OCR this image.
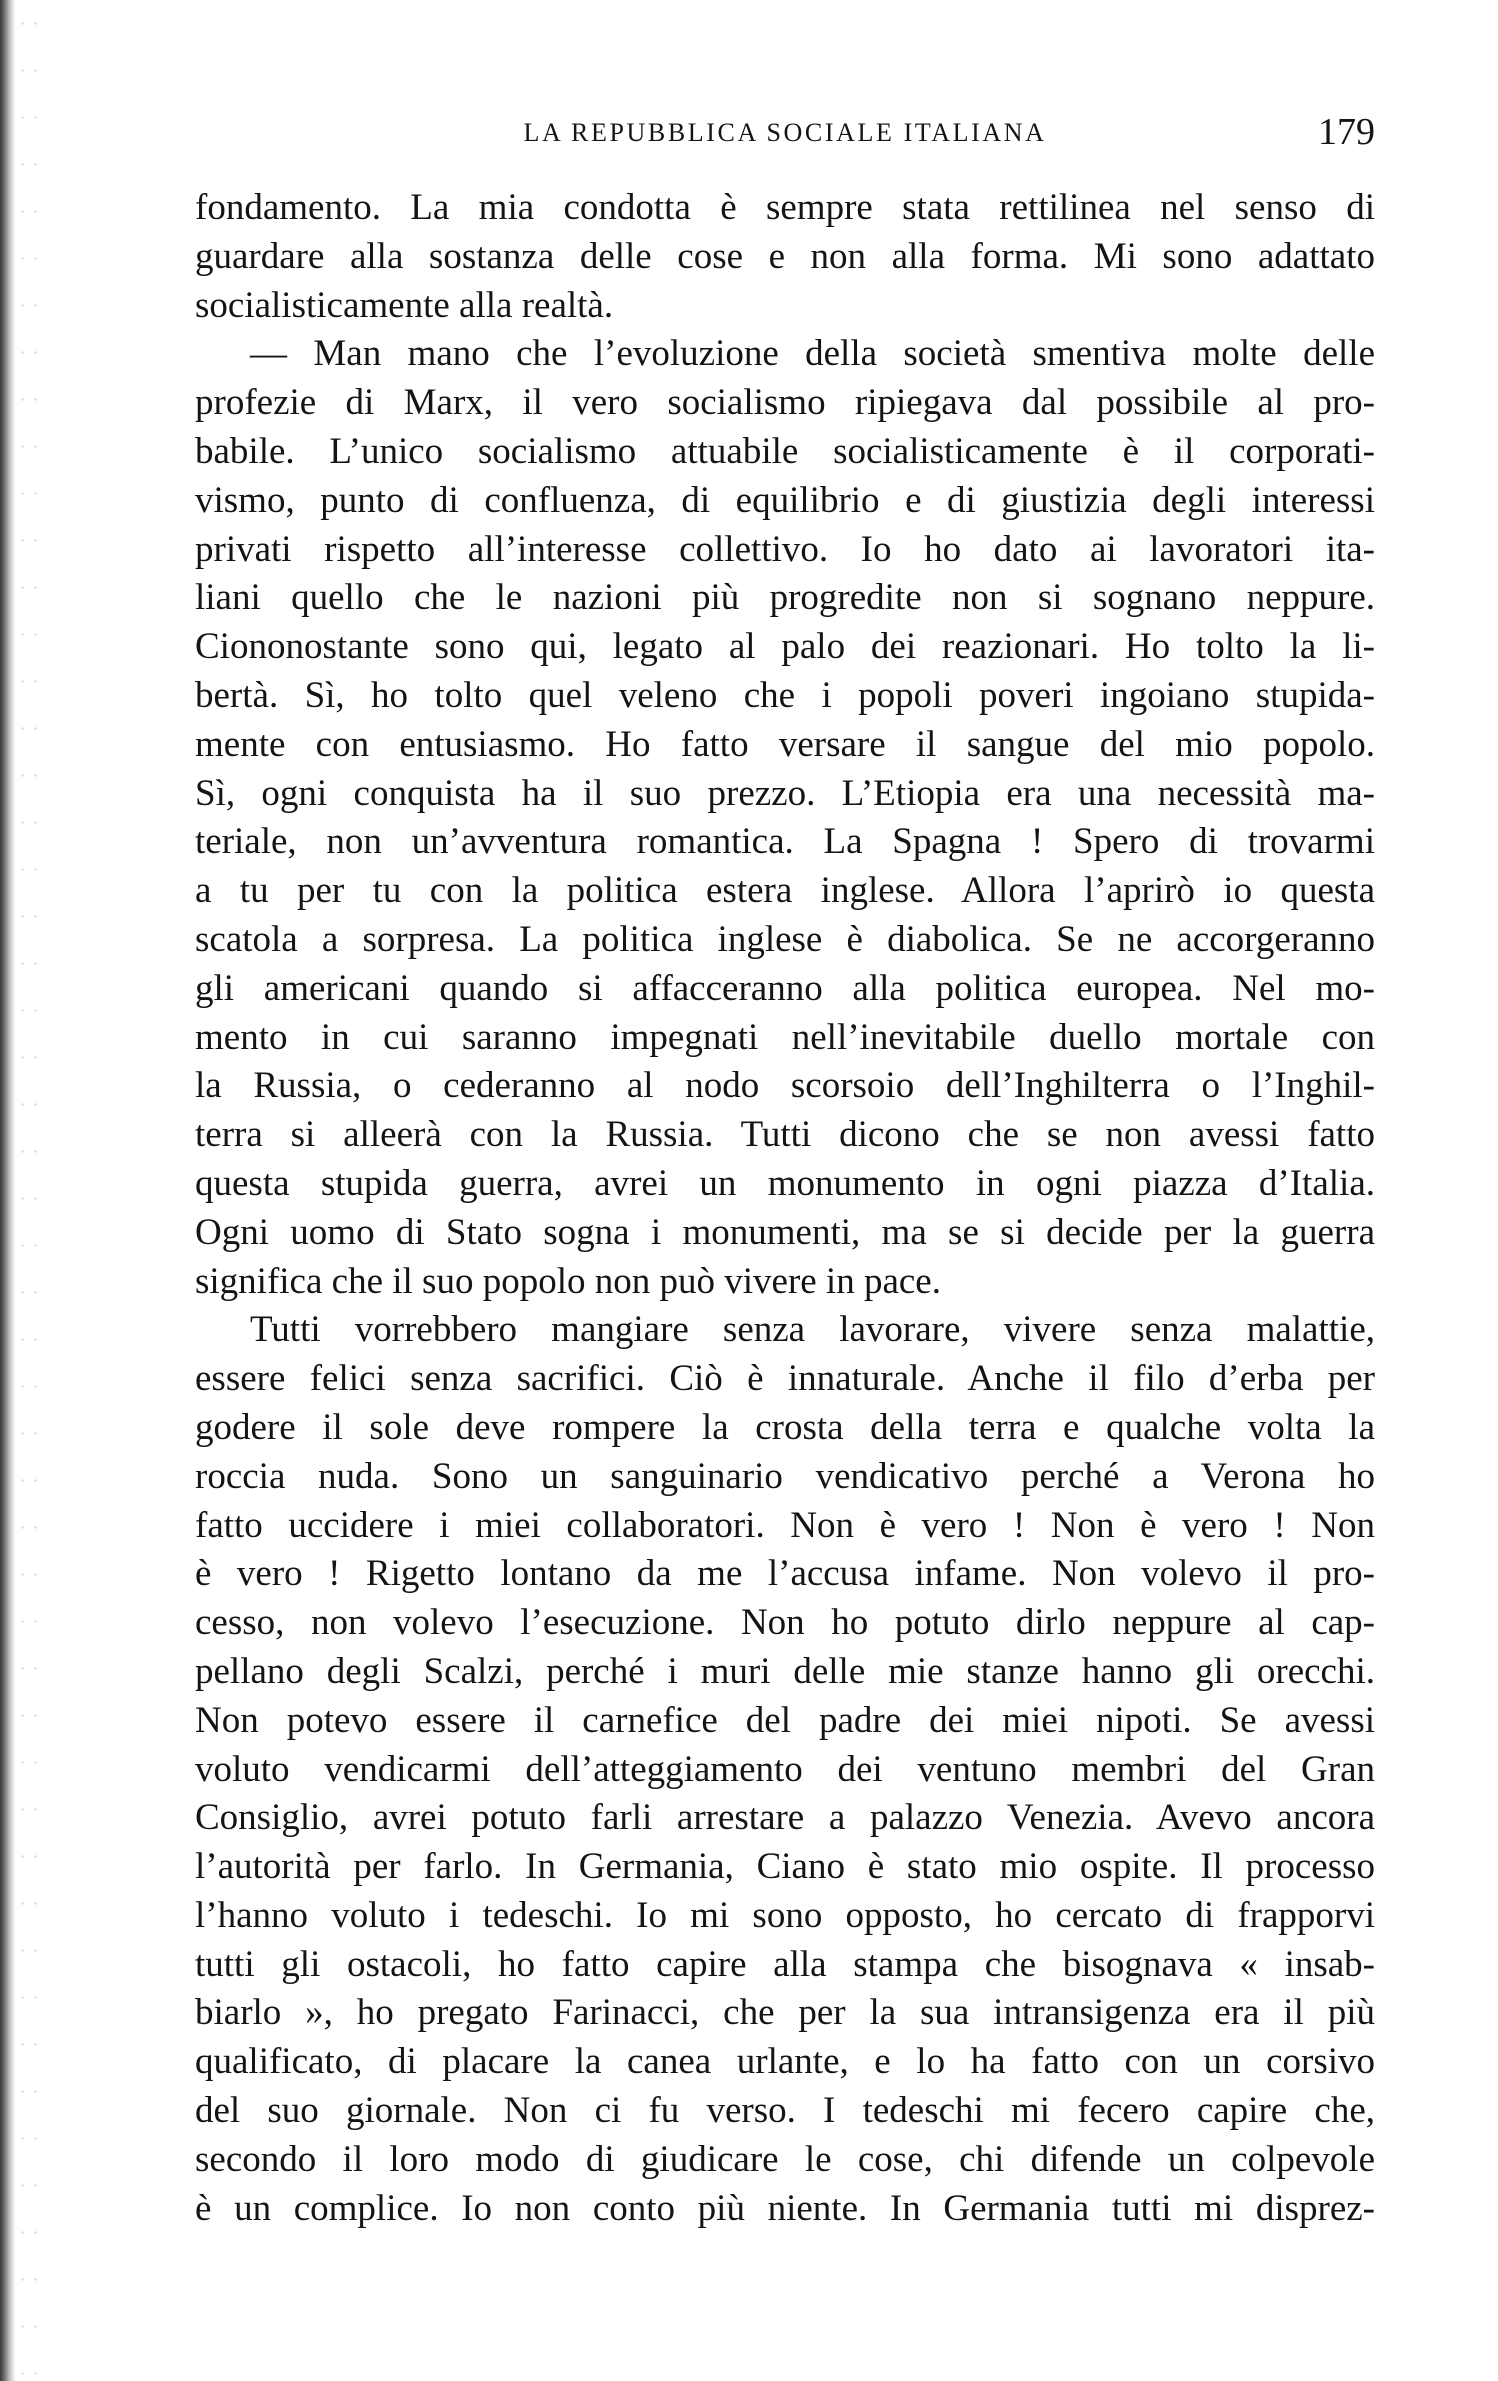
LA REPUBBLICA SOCIALE ITALIANA	179

fondamento. La mia condotta è sempre stata rettilinea nel senso di
guardare alla sostanza delle cose e non alla forma. Mi sono adattato
socialisticamente alla realtà.

— Man mano che l’evoluzione della società smentiva molte delle
profezie di Marx, il vero socialismo ripiegava dal possibile al pro-
babile. L’unico socialismo attuabile socialisticamente è il corporati-
vismo, punto di confluenza, di equilibrio e di giustizia degli interessi
privati rispetto all’interesse collettivo. Io ho dato ai lavoratori ita-
liani quello che le nazioni più progredite non si sognano neppure.
Ciononostante sono qui, legato al palo dei reazionari. Ho tolto la li-
bertà. Sì, ho tolto quel veleno che i popoli poveri ingoiano stupida-
mente con entusiasmo. Ho fatto versare il sangue del mio popolo.
Sì, ogni conquista ha il suo prezzo. L’Etiopia era una necessità ma-
teriale, non un’avventura romantica. La Spagna ! Spero di trovarmi
a tu per tu con la politica estera inglese. Allora l’aprirò io questa
scatola a sorpresa. La politica inglese è diabolica. Se ne accorgeranno
gli americani quando si affacceranno alla politica europea. Nel mo-
mento in cui saranno impegnati nell’inevitabile duello mortale con
la Russia, o cederanno al nodo scorsoio dell’Inghilterra o l’Inghil-
terra si alleerà con la Russia. Tutti dicono che se non avessi fatto
questa stupida guerra, avrei un monumento in ogni piazza d’Italia.
Ogni uomo di Stato sogna i monumenti, ma se si decide per la guerra
significa che il suo popolo non può vivere in pace.

Tutti vorrebbero mangiare senza lavorare, vivere senza malattie,
essere felici senza sacrifici. Ciò è innaturale. Anche il filo d’erba per
godere il sole deve rompere la crosta della terra e qualche volta la
roccia nuda. Sono un sanguinario vendicativo perché a Verona ho
fatto uccidere i miei collaboratori. Non è vero ! Non è vero ! Non
è vero ! Rigetto lontano da me l’accusa infame. Non volevo il pro-
cesso, non volevo l’esecuzione. Non ho potuto dirlo neppure al cap-
pellano degli Scalzi, perché i muri delle mie stanze hanno gli orecchi.
Non potevo essere il carnefice del padre dei miei nipoti. Se avessi
voluto vendicarmi dell’atteggiamento dei ventuno membri del Gran
Consiglio, avrei potuto farli arrestare a palazzo Venezia. Avevo ancora
l’autorità per farlo. In Germania, Ciano è stato mio ospite. Il processo
l’hanno voluto i tedeschi. Io mi sono opposto, ho cercato di frapporvi
tutti gli ostacoli, ho fatto capire alla stampa che bisognava « insab-
biarlo », ho pregato Farinacci, che per la sua intransigenza era il più
qualificato, di placare la canea urlante, e lo ha fatto con un corsivo
del suo giornale. Non ci fu verso. I tedeschi mi fecero capire che,
secondo il loro modo di giudicare le cose, chi difende un colpevole
è un complice. Io non conto più niente. In Germania tutti mi disprez-
